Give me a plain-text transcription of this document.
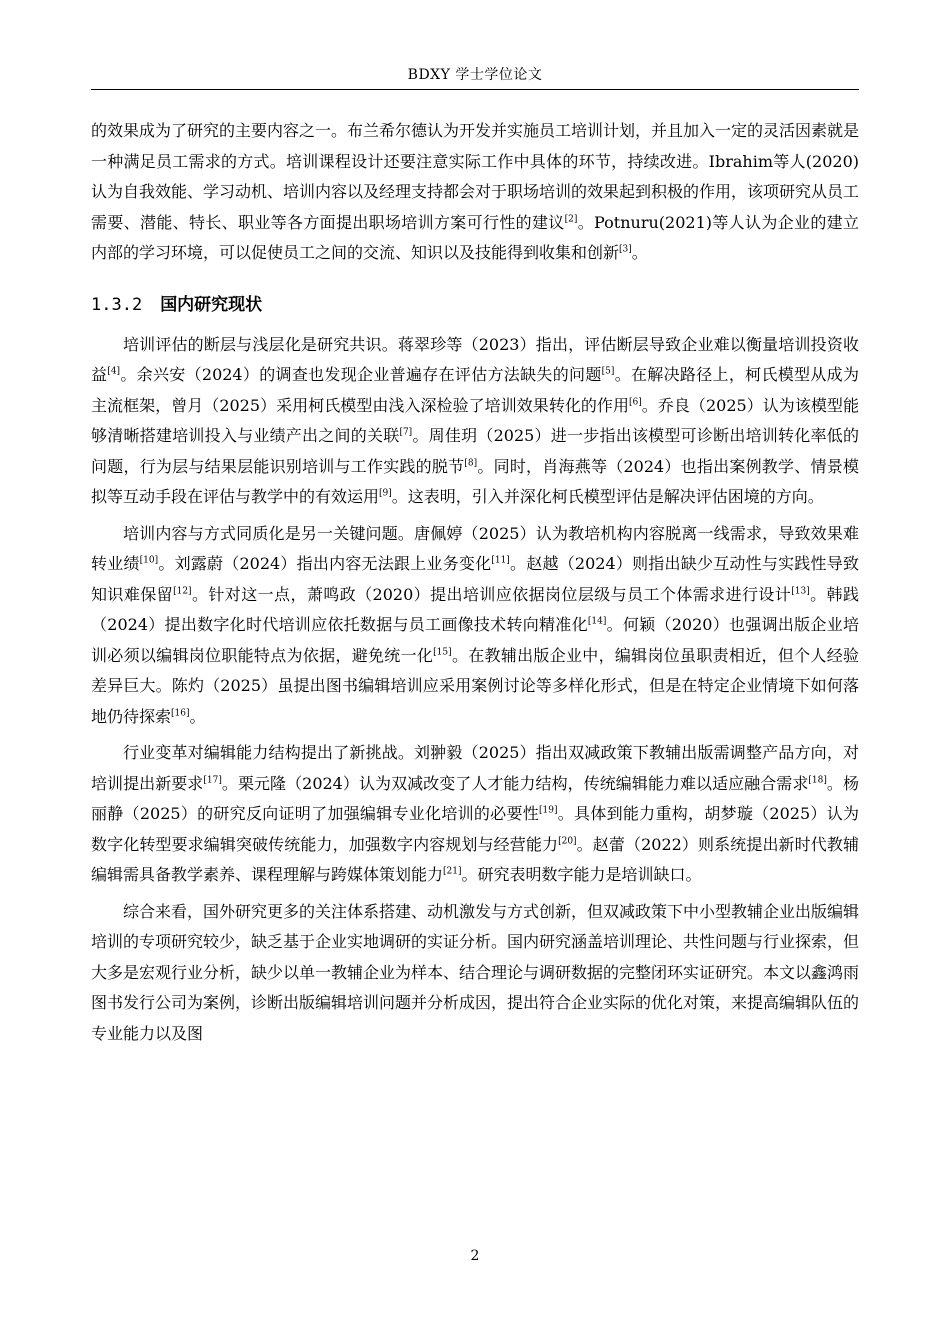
BDXY 学士学位论文

的效果成为了研究的主要内容之一。布兰希尔德认为开发并实施员工培训计划，并且加入一定的灵活因素就是一种满足员工需求的方式。培训课程设计还要注意实际工作中具体的环节，持续改进。Ibrahim等人(2020)认为自我效能、学习动机、培训内容以及经理支持都会对于职场培训的效果起到积极的作用，该项研究从员工需要、潜能、特长、职业等各方面提出职场培训方案可行性的建议[2]。Potnuru(2021)等人认为企业的建立内部的学习环境，可以促使员工之间的交流、知识以及技能得到收集和创新[3]。

1.3.2 国内研究现状

培训评估的断层与浅层化是研究共识。蒋翠珍等（2023）指出，评估断层导致企业难以衡量培训投资收益[4]。余兴安（2024）的调查也发现企业普遍存在评估方法缺失的问题[5]。在解决路径上，柯氏模型从成为主流框架，曾月（2025）采用柯氏模型由浅入深检验了培训效果转化的作用[6]。乔良（2025）认为该模型能够清晰搭建培训投入与业绩产出之间的关联[7]。周佳玥（2025）进一步指出该模型可诊断出培训转化率低的问题，行为层与结果层能识别培训与工作实践的脱节[8]。同时，肖海燕等（2024）也指出案例教学、情景模拟等互动手段在评估与教学中的有效运用[9]。这表明，引入并深化柯氏模型评估是解决评估困境的方向。

培训内容与方式同质化是另一关键问题。唐佩婷（2025）认为教培机构内容脱离一线需求，导致效果难转业绩[10]。刘露蔚（2024）指出内容无法跟上业务变化[11]。赵越（2024）则指出缺少互动性与实践性导致知识难保留[12]。针对这一点，萧鸣政（2020）提出培训应依据岗位层级与员工个体需求进行设计[13]。韩践（2024）提出数字化时代培训应依托数据与员工画像技术转向精准化[14]。何颖（2020）也强调出版企业培训必须以编辑岗位职能特点为依据，避免统一化[15]。在教辅出版企业中，编辑岗位虽职责相近，但个人经验差异巨大。陈灼（2025）虽提出图书编辑培训应采用案例讨论等多样化形式，但是在特定企业情境下如何落地仍待探索[16]。

行业变革对编辑能力结构提出了新挑战。刘翀毅（2025）指出双减政策下教辅出版需调整产品方向，对培训提出新要求[17]。栗元隆（2024）认为双减改变了人才能力结构，传统编辑能力难以适应融合需求[18]。杨丽静（2025）的研究反向证明了加强编辑专业化培训的必要性[19]。具体到能力重构，胡梦璇（2025）认为数字化转型要求编辑突破传统能力，加强数字内容规划与经营能力[20]。赵蕾（2022）则系统提出新时代教辅编辑需具备教学素养、课程理解与跨媒体策划能力[21]。研究表明数字能力是培训缺口。

综合来看，国外研究更多的关注体系搭建、动机激发与方式创新，但双减政策下中小型教辅企业出版编辑培训的专项研究较少，缺乏基于企业实地调研的实证分析。国内研究涵盖培训理论、共性问题与行业探索，但大多是宏观行业分析，缺少以单一教辅企业为样本、结合理论与调研数据的完整闭环实证研究。本文以鑫鸿雨图书发行公司为案例，诊断出版编辑培训问题并分析成因，提出符合企业实际的优化对策，来提高编辑队伍的专业能力以及图

2
